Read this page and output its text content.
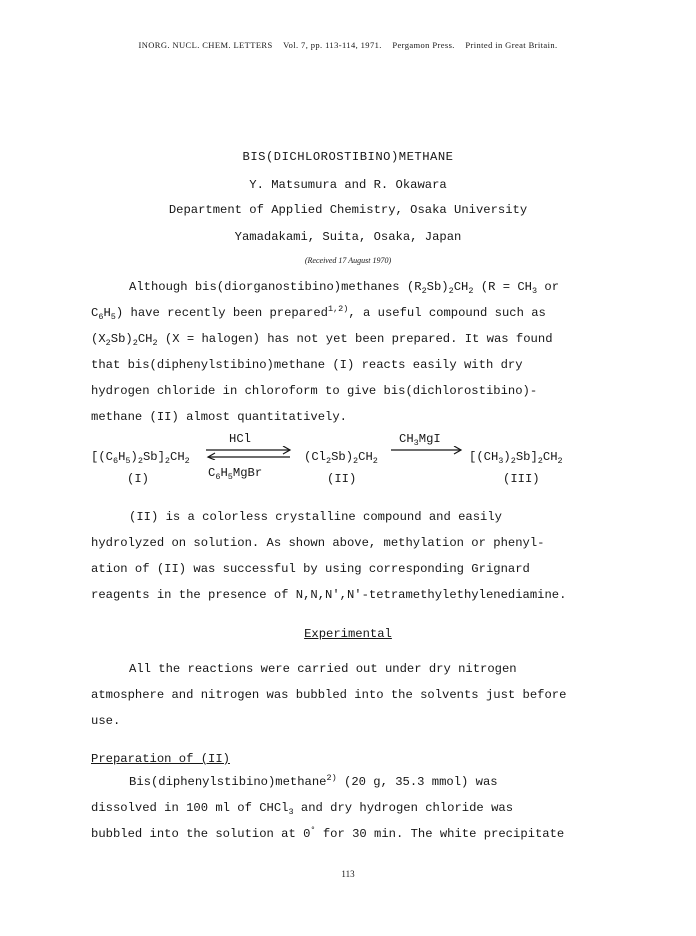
INORG. NUCL. CHEM. LETTERS Vol. 7, pp. 113-114, 1971. Pergamon Press. Printed in Great Britain.
BIS(DICHLOROSTIBINO)METHANE
Y. Matsumura and R. Okawara
Department of Applied Chemistry, Osaka University
Yamadakami, Suita, Osaka, Japan
(Received 17 August 1970)
Although bis(diorganostibino)methanes $(R_2Sb)_2CH_2$ ($R = CH_3$ or
$C_6H_5$) have recently been prepared$^{1,2)}$, a useful compound such as
$(X_2Sb)_2CH_2$ (X = halogen) has not yet been prepared. It was found
that bis(diphenylstibino)methane (I) reacts easily with dry
hydrogen chloride in chloroform to give bis(dichlorostibino)-
methane (II) almost quantitatively.
$[(C_6H_5)_2Sb]_2CH_2$
HCl
$C_6H_5MgBr$
$(Cl_2Sb)_2CH_2$
$CH_3MgI$
$[(CH_3)_2Sb]_2CH_2$
(I)	(II)	(III)
(II) is a colorless crystalline compound and easily
hydrolyzed on solution. As shown above, methylation or phenyl-
ation of (II) was successful by using corresponding Grignard
reagents in the presence of N,N,N',N'-tetramethylethylenediamine.
Experimental
All the reactions were carried out under dry nitrogen
atmosphere and nitrogen was bubbled into the solvents just before
use.
Preparation of (II)
Bis(diphenylstibino)methane$^{2)}$ (20 g, 35.3 mmol) was
dissolved in 100 ml of CHCl$_3$ and dry hydrogen chloride was
bubbled into the solution at 0° for 30 min. The white precipitate
113
